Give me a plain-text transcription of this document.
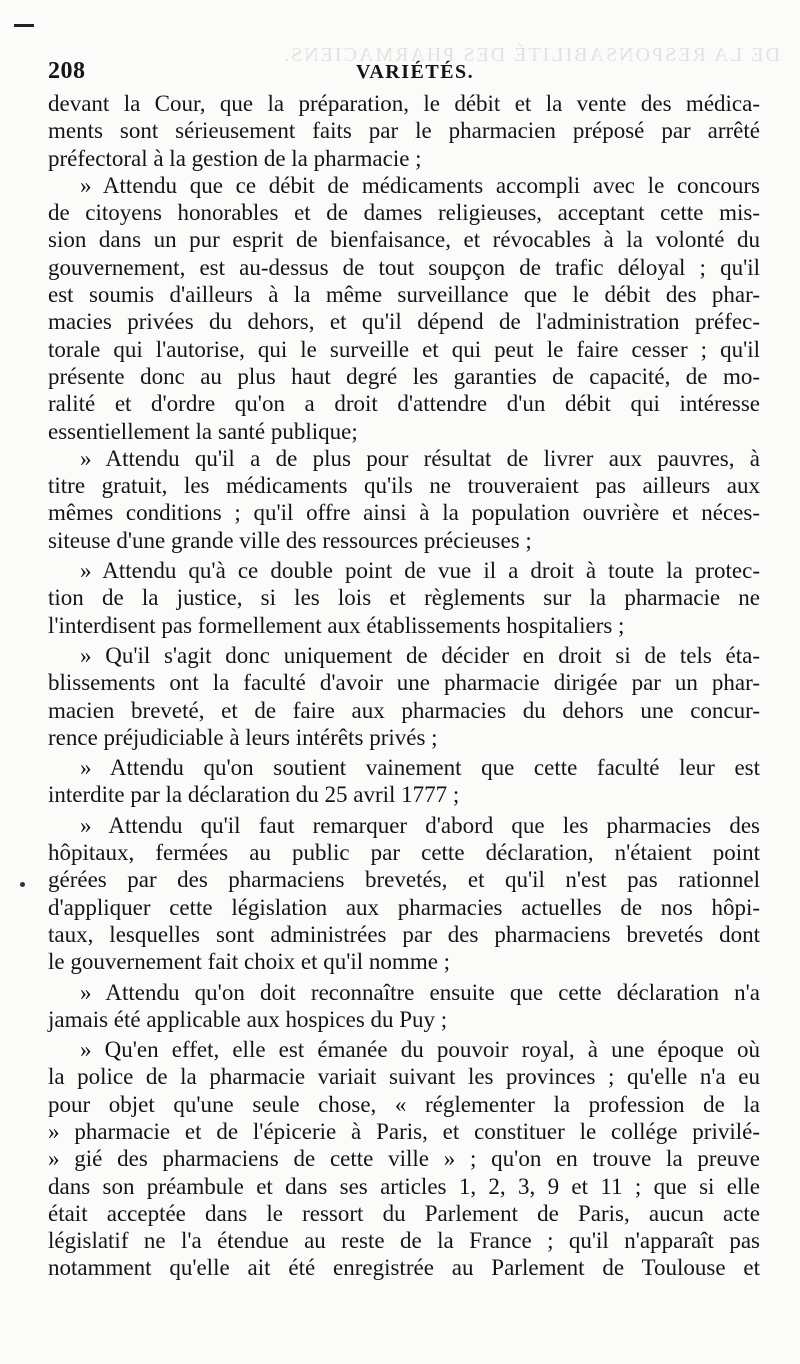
DE LA RESPONSABILITÉ DES PHARMACIENS.
208	VARIÉTÉS.
devant la Cour, que la préparation, le débit et la vente des médica-
ments sont sérieusement faits par le pharmacien préposé par arrêté
préfectoral à la gestion de la pharmacie ;
» Attendu que ce débit de médicaments accompli avec le concours
de citoyens honorables et de dames religieuses, acceptant cette mis-
sion dans un pur esprit de bienfaisance, et révocables à la volonté du
gouvernement, est au-dessus de tout soupçon de trafic déloyal ; qu'il
est soumis d'ailleurs à la même surveillance que le débit des phar-
macies privées du dehors, et qu'il dépend de l'administration préfec-
torale qui l'autorise, qui le surveille et qui peut le faire cesser ; qu'il
présente donc au plus haut degré les garanties de capacité, de mo-
ralité et d'ordre qu'on a droit d'attendre d'un débit qui intéresse
essentiellement la santé publique;
» Attendu qu'il a de plus pour résultat de livrer aux pauvres, à
titre gratuit, les médicaments qu'ils ne trouveraient pas ailleurs aux
mêmes conditions ; qu'il offre ainsi à la population ouvrière et néces-
siteuse d'une grande ville des ressources précieuses ;
» Attendu qu'à ce double point de vue il a droit à toute la protec-
tion de la justice, si les lois et règlements sur la pharmacie ne
l'interdisent pas formellement aux établissements hospitaliers ;
» Qu'il s'agit donc uniquement de décider en droit si de tels éta-
blissements ont la faculté d'avoir une pharmacie dirigée par un phar-
macien breveté, et de faire aux pharmacies du dehors une concur-
rence préjudiciable à leurs intérêts privés ;
» Attendu qu'on soutient vainement que cette faculté leur est
interdite par la déclaration du 25 avril 1777 ;
» Attendu qu'il faut remarquer d'abord que les pharmacies des
hôpitaux, fermées au public par cette déclaration, n'étaient point
gérées par des pharmaciens brevetés, et qu'il n'est pas rationnel
d'appliquer cette législation aux pharmacies actuelles de nos hôpi-
taux, lesquelles sont administrées par des pharmaciens brevetés dont
le gouvernement fait choix et qu'il nomme ;
» Attendu qu'on doit reconnaître ensuite que cette déclaration n'a
jamais été applicable aux hospices du Puy ;
» Qu'en effet, elle est émanée du pouvoir royal, à une époque où
la police de la pharmacie variait suivant les provinces ; qu'elle n'a eu
pour objet qu'une seule chose, « réglementer la profession de la
» pharmacie et de l'épicerie à Paris, et constituer le collége privilé-
» gié des pharmaciens de cette ville » ; qu'on en trouve la preuve
dans son préambule et dans ses articles 1, 2, 3, 9 et 11 ; que si elle
était acceptée dans le ressort du Parlement de Paris, aucun acte
législatif ne l'a étendue au reste de la France ; qu'il n'apparaît pas
notamment qu'elle ait été enregistrée au Parlement de Toulouse et
